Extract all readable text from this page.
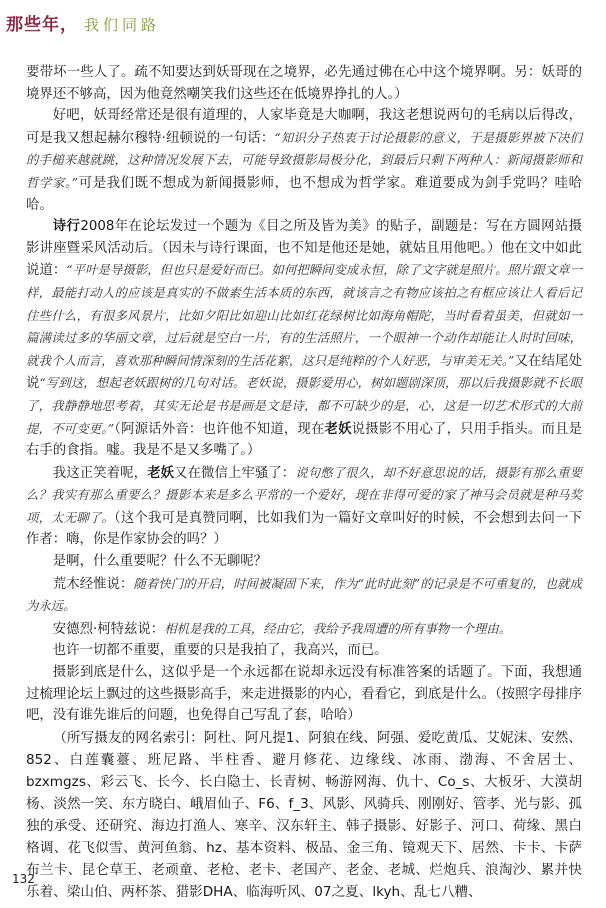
那些年， 我们同路

要带坏一些人了。疏不知要达到妖哥现在之境界，必先通过佛在心中这个境界啊。另：妖哥的境界还不够高，因为他竟然嘲笑我们这些还在低境界挣扎的人。）

好吧，妖哥经常还是很有道理的，人家毕竟是大咖啊，我这老想说两句的毛病以后得改，可是我又想起赫尔穆特·纽顿说的一句话：“知识分子热衷于讨论摄影的意义，于是摄影界被下决们的手槌来越就跳，这种情况发展下去，可能导致摄影局极分化，到最后只剩下两种人：新闻摄影师和哲学家。”可是我们既不想成为新闻摄影师，也不想成为哲学家。难道要成为剑手党吗？哇哈哈。

诗行2008年在论坛发过一个题为《目之所及皆为美》的贴子，副题是：写在方圆网站摄影讲座暨采风活动后。（因未与诗行课面，也不知是他还是她，就姑且用他吧。）他在文中如此说道：“平叶是导摄影，但也只是爱好而已。如何把瞬间变成永恒，除了文字就是照片。照片跟文章一样，最能打动人的应该是真实的不做素生活本质的东西，就该言之有物应该拍之有框应该让人看后记住些什么，有很多风景片，比如夕阳比如迎山比如红花绿树比如海角帽陀，当时看着虽美，但就如一篇满读过多的华丽文章，过后就是空白一片，有的生活照片，一个眼神一个动作却能让人时时回味，就我个人而言，喜欢那种瞬间情深刻的生活花絮，这只是纯粹的个人好恶，与审美无关。”又在结尾处说“写到这，想起老妖跟树的几句对话。老妖说，摄影爱用心，树如题剧深顶，那以后我摄影就不长眼了，我静静地思考着，其实无论是书是画是文是诗，都不可缺少的是，心，这是一切艺术形式的大前提，不可变更。”（阿源话外音：也许他不知道，现在老妖说摄影不用心了，只用手指头。而且是右手的食指。嘘。我是不是又多嘴了。）

我这正笑着呢，老妖又在微信上牢骚了：说句憋了很久，却不好意思说的话，摄影有那么重要么？我实有那么重要么？摄影本来是多么平常的一个爱好，现在非得可爱的家了神马会员就是种马奖项，太无聊了。（这个我可是真赞同啊，比如我们为一篇好文章叫好的时候，不会想到去问一下作者：嗨，你是作家协会的吗？）

是啊，什么重要呢？什么不无聊呢？

荒木经惟说：随着快门的开启，时间被凝固下来，作为“此时此刻”的记录是不可重复的，也就成为永远。

安德烈·柯特兹说：相机是我的工具，经由它，我给予我周遭的所有事物一个理由。

也许一切都不重要，重要的只是我拍了，我高兴，而已。

摄影到底是什么，这似乎是一个永远都在说却永远没有标准答案的话题了。下面，我想通过梳理论坛上飘过的这些摄影高手，来走进摄影的内心，看看它，到底是什么。（按照字母排序吧，没有谁先谁后的问题，也免得自己写乱了套，哈哈）

（所写摄友的网名索引：阿杜、阿凡提1、阿狼在线、阿强、爱吃黄瓜、艾妮沫、安然、852、白莲囊薹、班尼路、半柱香、避月修花、边缘线、冰雨、渤海、不舍居士、bzxmgzs、彩云飞、长今、长白隐士、长青树、畅游网海、仇十、Co_s、大板牙、大漠胡杨、淡然一笑、东方晓白、峨眉仙子、F6、f_3、风影、风骑兵、刚刚好、管孝、光与影、孤独的承受、还研究、海边打渔人、寒辛、汉东轩主、韩子摄影、好影子、河口、荷缘、黑白格调、花飞似雪、黄河鱼翁、hz、基本资料、极品、金三角、镜观天下、居然、卡卡、卡萨布兰卡、昆仑草王、老顽童、老枪、老卡、老国产、老金、老城、烂炮兵、浪淘沙、累并快乐着、梁山伯、两杯茶、猎影DHA、临海听风、07之夏、lkyh、乱七八糟、

132
